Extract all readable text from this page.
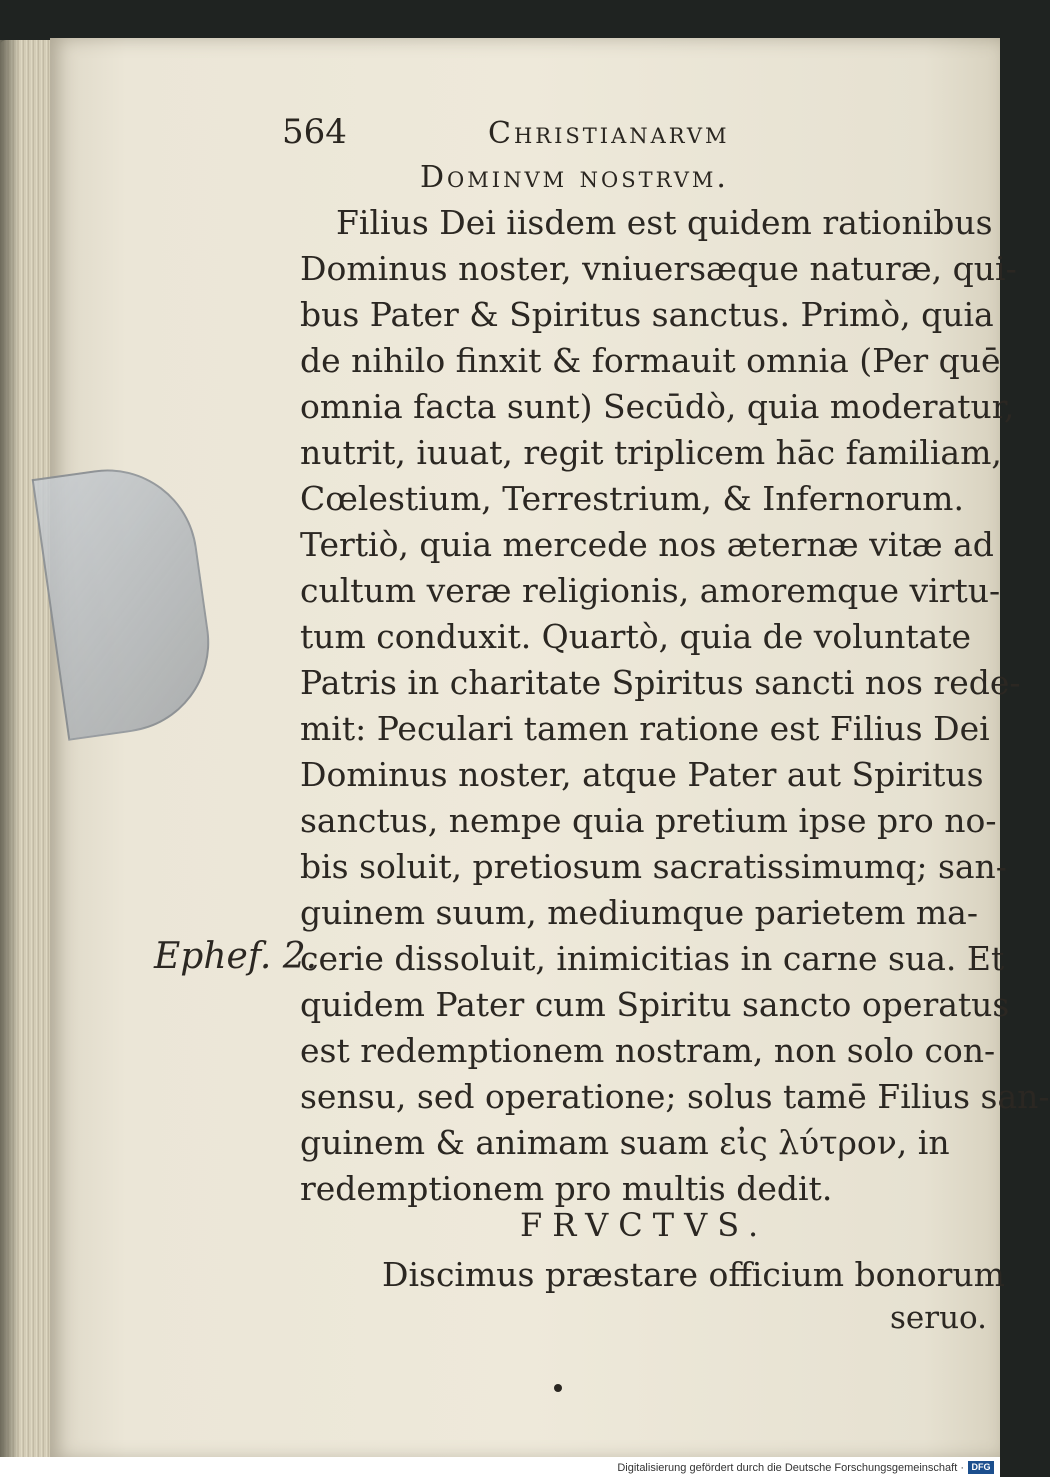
564	Christianarvm
Dominvm nostrvm.
Filius Dei iisdem est quidem rationibus
Dominus noster, vniuersæque naturæ, qui-
bus Pater & Spiritus sanctus. Primò, quia
de nihilo finxit & formauit omnia (Per quē
omnia facta sunt) Secūdò, quia moderatur,
nutrit, iuuat, regit triplicem hāc familiam,
Cœlestium, Terrestrium, & Infernorum.
Tertiò, quia mercede nos æternæ vitæ ad
cultum veræ religionis, amoremque virtu-
tum conduxit. Quartò, quia de voluntate
Patris in charitate Spiritus sancti nos rede-
mit: Peculari tamen ratione est Filius Dei
Dominus noster, atque Pater aut Spiritus
sanctus, nempe quia pretium ipse pro no-
bis soluit, pretiosum sacratissimumq; san-
guinem suum, mediumque parietem ma-
cerie dissoluit, inimicitias in carne sua. Et
quidem Pater cum Spiritu sancto operatus
est redemptionem nostram, non solo con-
sensu, sed operatione; solus tamē Filius san-
guinem & animam suam εἰς λύτρον, in
redemptionem pro multis dedit.
Ephef. 2.
FRVCTVS.
Discimus præstare officium bonorum
seruo.
Digitalisierung gefördert durch die Deutsche Forschungsgemeinschaft · DFG
